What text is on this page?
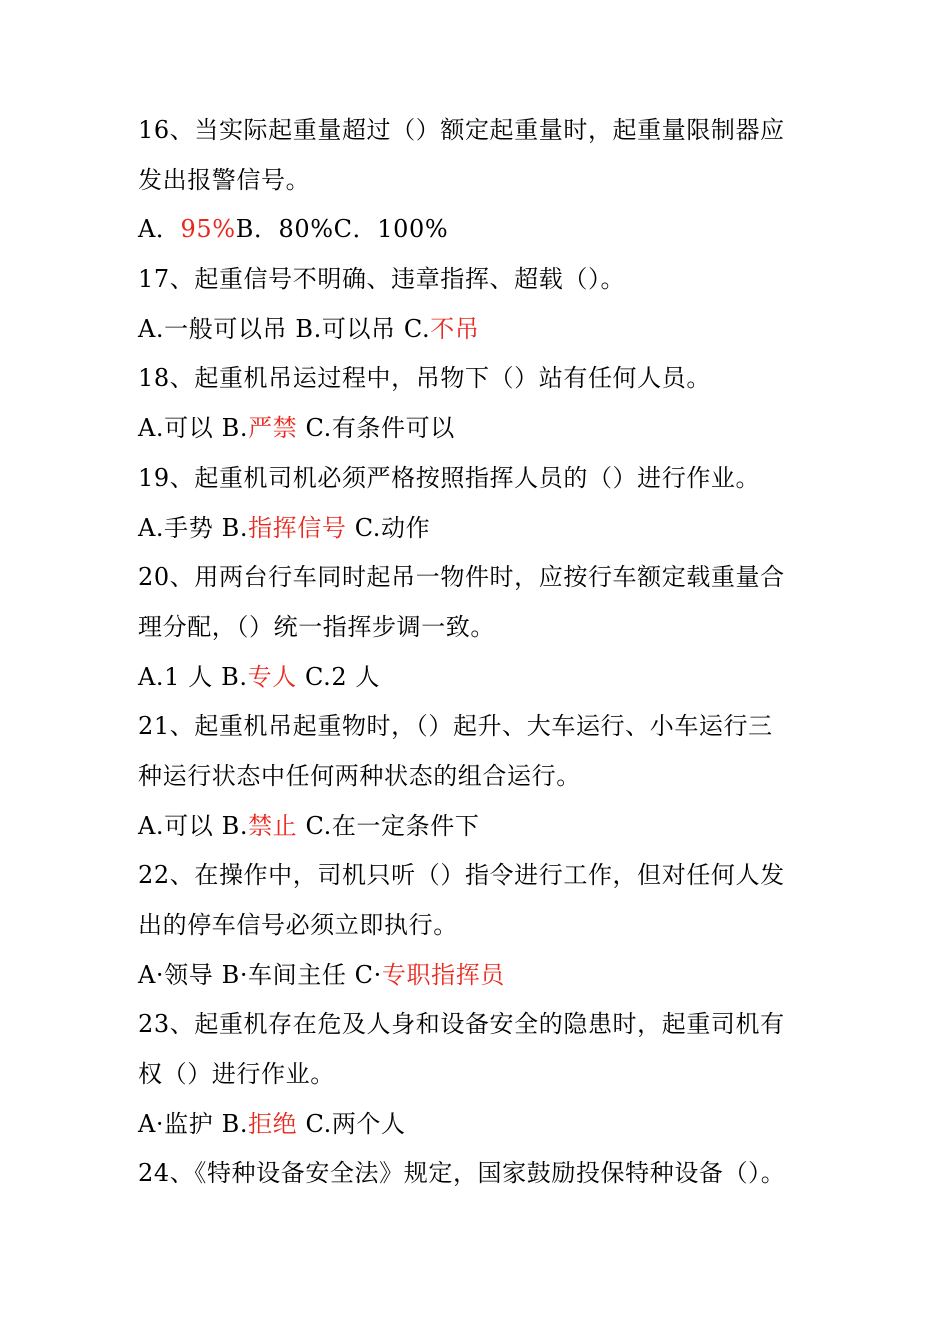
16、当实际起重量超过（）额定起重量时，起重量限制器应
发出报警信号。
A．95%B．80%C．100%
17、起重信号不明确、违章指挥、超载（）。
A.一般可以吊 B.可以吊 C.不吊
18、起重机吊运过程中，吊物下（）站有任何人员。
A.可以 B.严禁 C.有条件可以
19、起重机司机必须严格按照指挥人员的（）进行作业。
A.手势 B.指挥信号 C.动作
20、用两台行车同时起吊一物件时，应按行车额定载重量合
理分配，（）统一指挥步调一致。
A.1 人 B.专人 C.2 人
21、起重机吊起重物时，（）起升、大车运行、小车运行三
种运行状态中任何两种状态的组合运行。
A.可以 B.禁止 C.在一定条件下
22、在操作中，司机只听（）指令进行工作，但对任何人发
出的停车信号必须立即执行。
A·领导 B·车间主任 C·专职指挥员
23、起重机存在危及人身和设备安全的隐患时，起重司机有
权（）进行作业。
A·监护 B.拒绝 C.两个人
24、《特种设备安全法》规定，国家鼓励投保特种设备（）。
